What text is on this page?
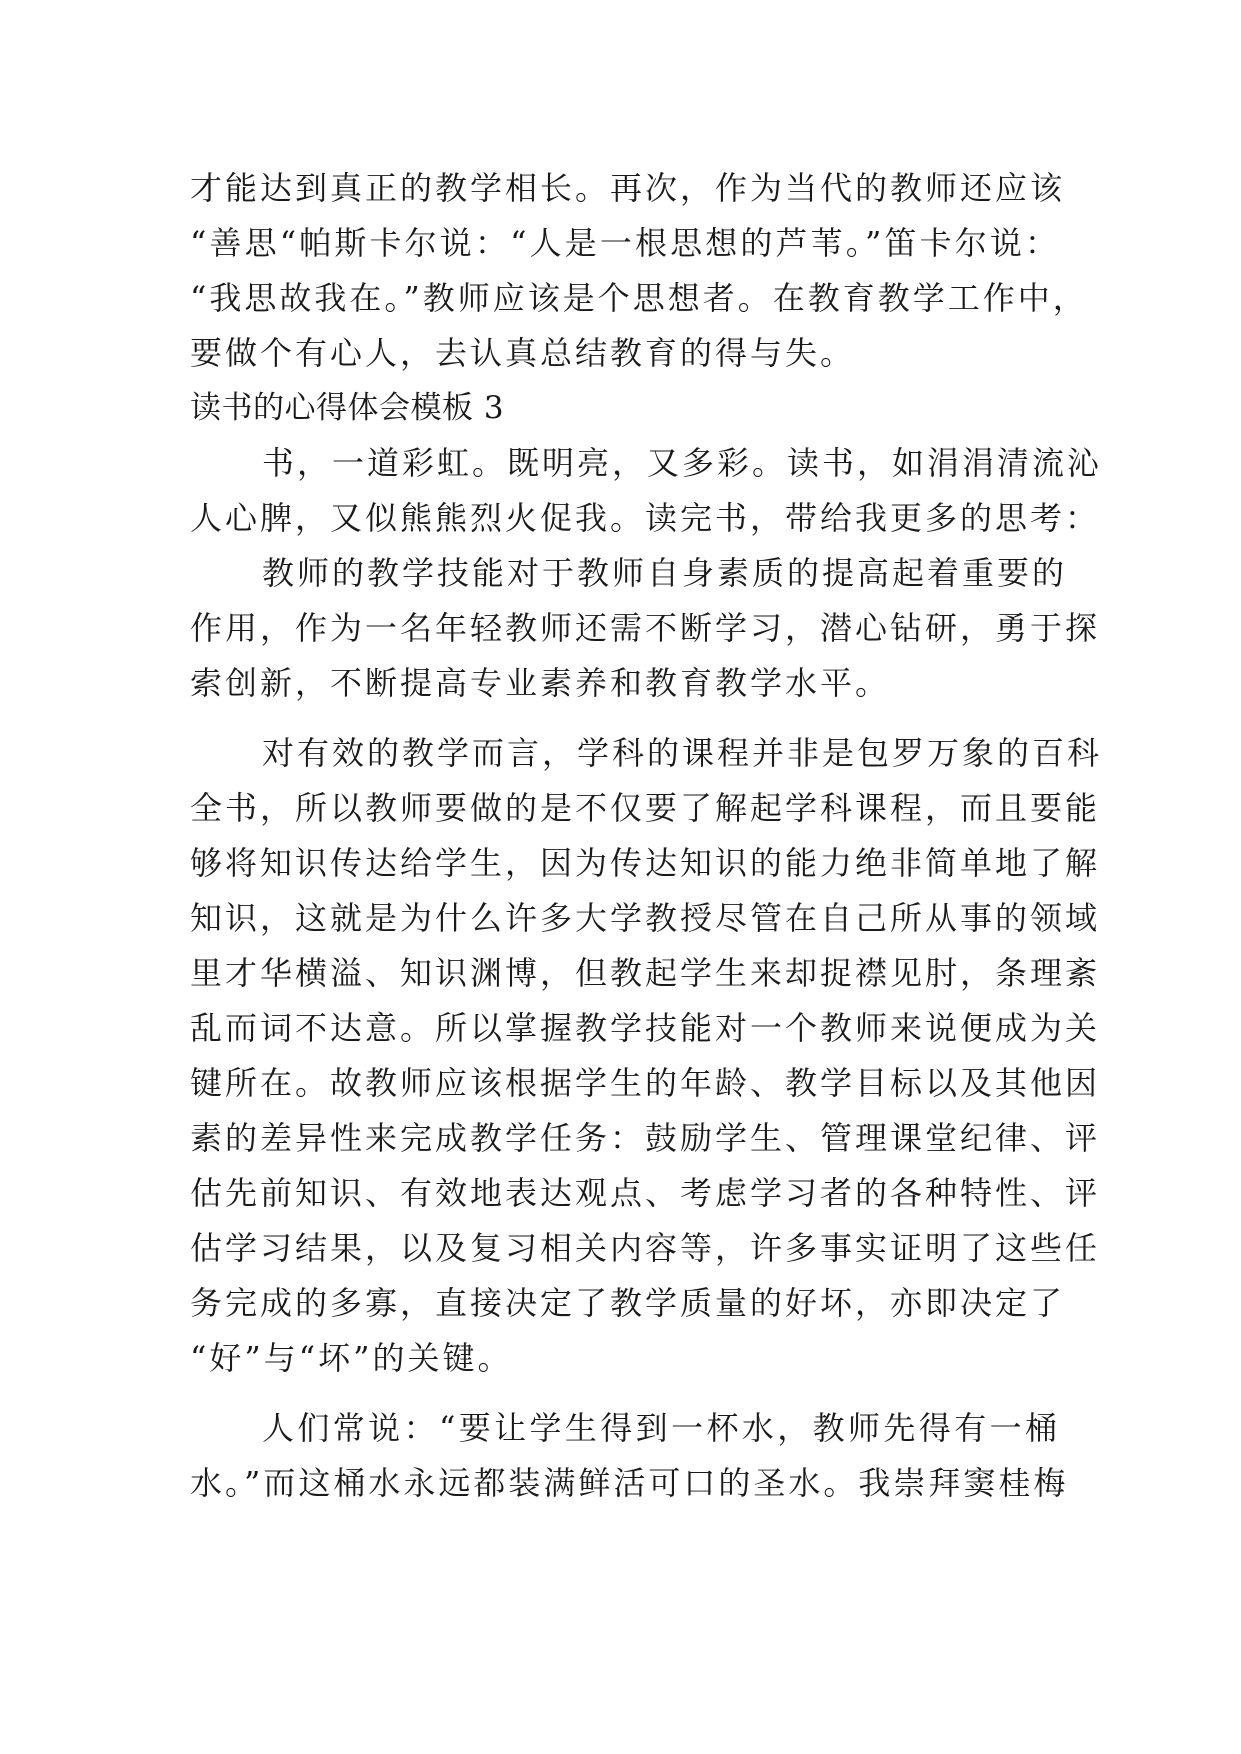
才能达到真正的教学相长。再次，作为当代的教师还应该
“善思“帕斯卡尔说：“人是一根思想的芦苇。”笛卡尔说：
“我思故我在。”教师应该是个思想者。在教育教学工作中，
要做个有心人，去认真总结教育的得与失。
读书的心得体会模板 3
书，一道彩虹。既明亮，又多彩。读书，如涓涓清流沁
人心脾，又似熊熊烈火促我。读完书，带给我更多的思考：
教师的教学技能对于教师自身素质的提高起着重要的
作用，作为一名年轻教师还需不断学习，潜心钻研，勇于探
索创新，不断提高专业素养和教育教学水平。
对有效的教学而言，学科的课程并非是包罗万象的百科
全书，所以教师要做的是不仅要了解起学科课程，而且要能
够将知识传达给学生，因为传达知识的能力绝非简单地了解
知识，这就是为什么许多大学教授尽管在自己所从事的领域
里才华横溢、知识渊博，但教起学生来却捉襟见肘，条理紊
乱而词不达意。所以掌握教学技能对一个教师来说便成为关
键所在。故教师应该根据学生的年龄、教学目标以及其他因
素的差异性来完成教学任务：鼓励学生、管理课堂纪律、评
估先前知识、有效地表达观点、考虑学习者的各种特性、评
估学习结果，以及复习相关内容等，许多事实证明了这些任
务完成的多寡，直接决定了教学质量的好坏，亦即决定了
“好”与“坏”的关键。
人们常说：“要让学生得到一杯水，教师先得有一桶
水。”而这桶水永远都装满鲜活可口的圣水。我崇拜窦桂梅
